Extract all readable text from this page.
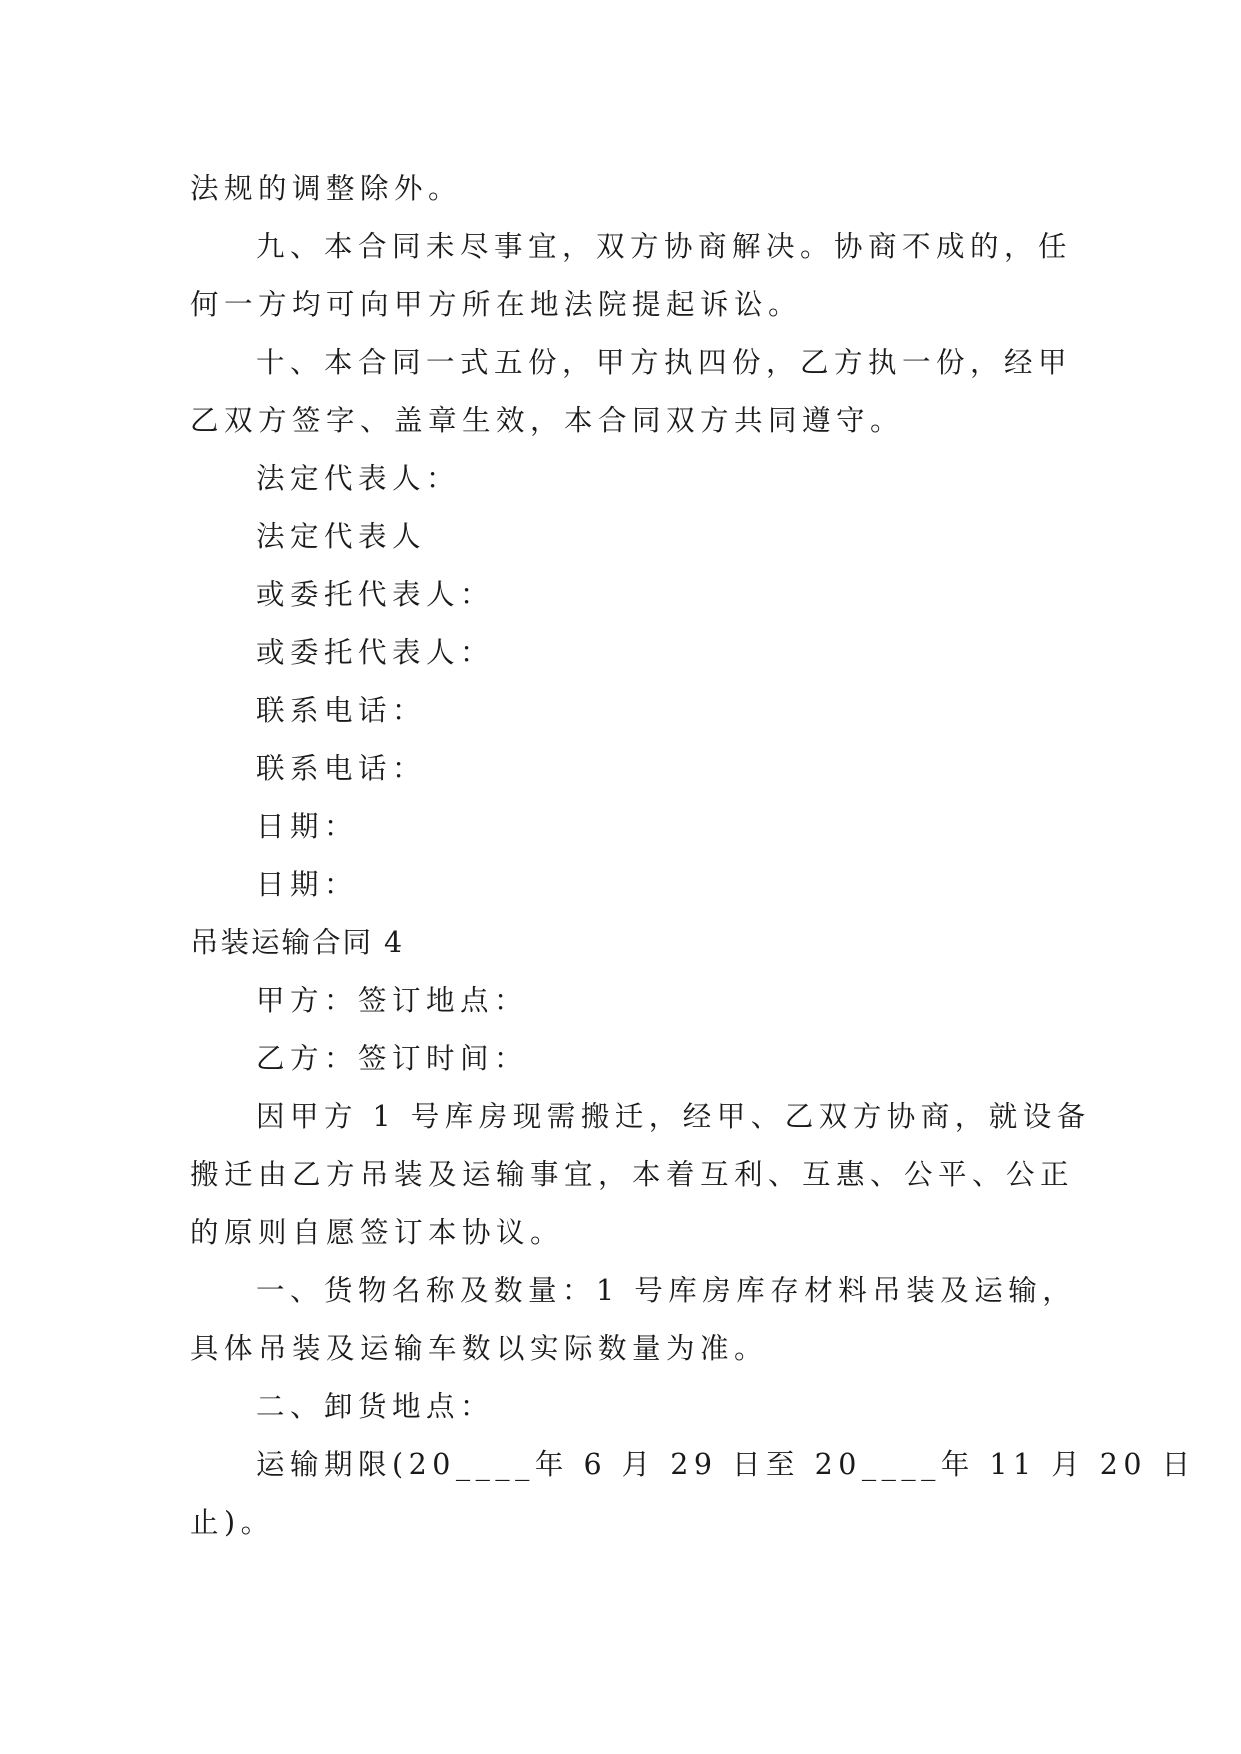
法规的调整除外。
九、本合同未尽事宜，双方协商解决。协商不成的，任
何一方均可向甲方所在地法院提起诉讼。
十、本合同一式五份，甲方执四份，乙方执一份，经甲
乙双方签字、盖章生效，本合同双方共同遵守。
法定代表人：
法定代表人
或委托代表人：
或委托代表人：
联系电话：
联系电话：
日期：
日期：
吊装运输合同 4
甲方：签订地点：
乙方：签订时间：
因甲方 1 号库房现需搬迁，经甲、乙双方协商，就设备
搬迁由乙方吊装及运输事宜，本着互利、互惠、公平、公正
的原则自愿签订本协议。
一、货物名称及数量：1 号库房库存材料吊装及运输，
具体吊装及运输车数以实际数量为准。
二、卸货地点：
运输期限(20____年 6 月 29 日至 20____年 11 月 20 日
止)。
